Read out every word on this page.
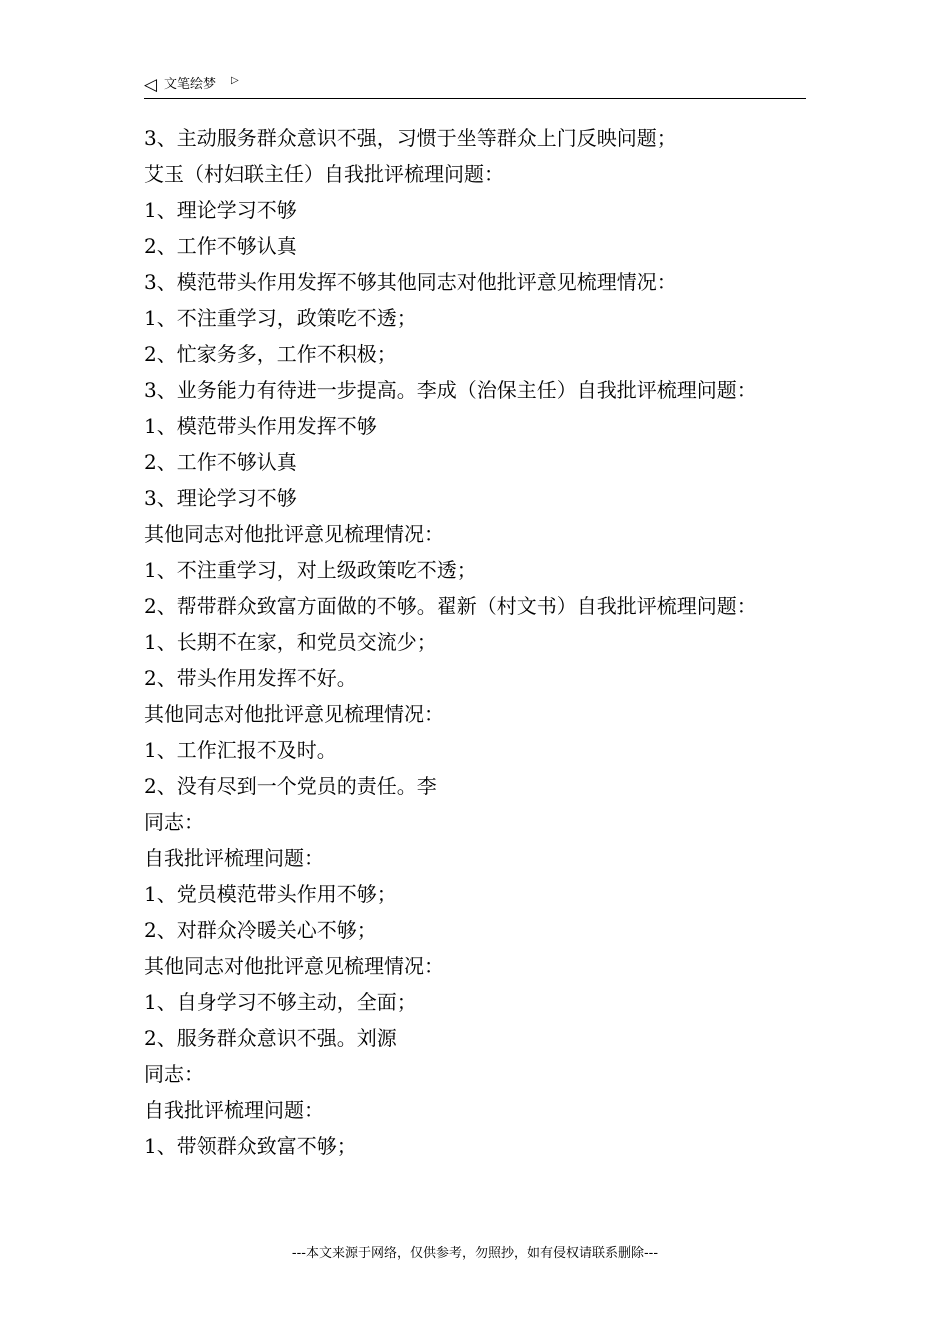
◁ 文笔绘梦 ▷
3、主动服务群众意识不强，习惯于坐等群众上门反映问题；
艾玉（村妇联主任）自我批评梳理问题：
1、理论学习不够
2、工作不够认真
3、模范带头作用发挥不够其他同志对他批评意见梳理情况：
1、不注重学习，政策吃不透；
2、忙家务多，工作不积极；
3、业务能力有待进一步提高。李成（治保主任）自我批评梳理问题：
1、模范带头作用发挥不够
2、工作不够认真
3、理论学习不够
其他同志对他批评意见梳理情况：
1、不注重学习，对上级政策吃不透；
2、帮带群众致富方面做的不够。翟新（村文书）自我批评梳理问题：
1、长期不在家，和党员交流少；
2、带头作用发挥不好。
其他同志对他批评意见梳理情况：
1、工作汇报不及时。
2、没有尽到一个党员的责任。李
同志：
自我批评梳理问题：
1、党员模范带头作用不够；
2、对群众冷暖关心不够；
其他同志对他批评意见梳理情况：
1、自身学习不够主动，全面；
2、服务群众意识不强。刘源
同志：
自我批评梳理问题：
1、带领群众致富不够；
---本文来源于网络，仅供参考，勿照抄，如有侵权请联系删除---
